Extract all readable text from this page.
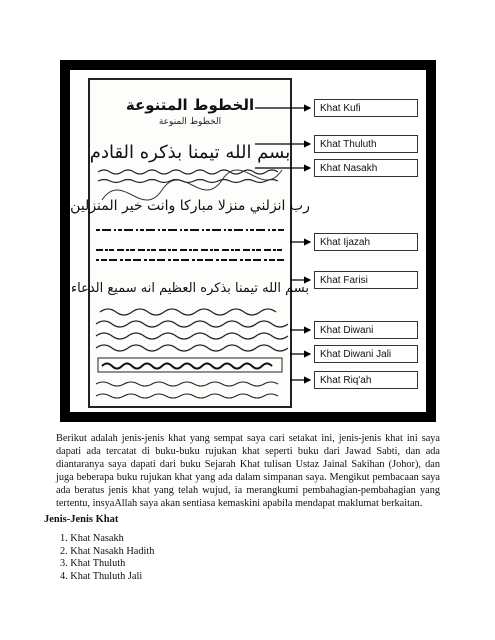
الخطوط المتنوعة
الخطوط المنوعة
بسم الله تيمنا بذكره القادم
رب انزلني منزلا مباركا وانت خير المنزلين
بسم الله تيمنا بذكره العظيم انه سميع الدعاء
Khat Kufi
Khat Thuluth
Khat Nasakh
Khat Ijazah
Khat Farisi
Khat Diwani
Khat Diwani Jali
Khat Riq'ah

Berikut adalah jenis-jenis khat yang sempat saya cari setakat ini, jenis-jenis khat ini saya dapati ada tercatat di buku-buku rujukan khat seperti buku dari Jawad Sabti, dan ada diantaranya saya dapati dari buku Sejarah Khat tulisan Ustaz Jainal Sakihan (Johor), dan juga beberapa buku rujukan khat yang ada dalam simpanan saya. Mengikut pembacaan saya ada beratus jenis khat yang telah wujud, ia merangkumi pembahagian-pembahagian yang tertentu, insyaAllah saya akan sentiasa kemaskini apabila mendapat maklumat berkaitan.

Jenis-Jenis Khat
1. Khat Nasakh
2. Khat Nasakh Hadith
3. Khat Thuluth
4. Khat Thuluth Jali
